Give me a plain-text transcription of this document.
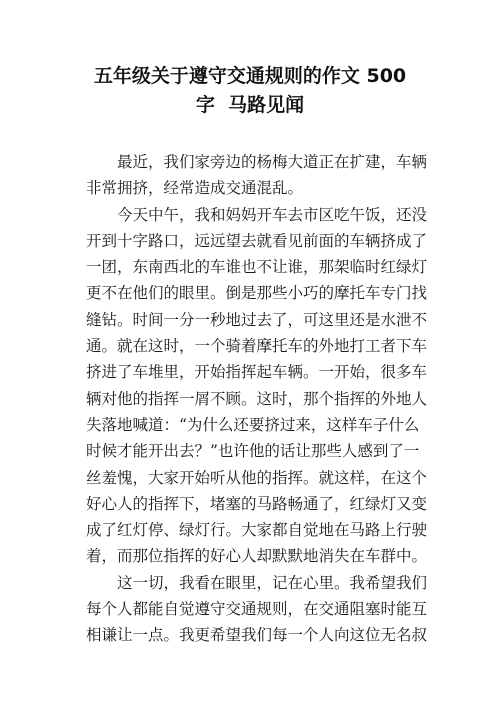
五年级关于遵守交通规则的作文 500
字  马路见闻

最近，我们家旁边的杨梅大道正在扩建，车辆
非常拥挤，经常造成交通混乱。

今天中午，我和妈妈开车去市区吃午饭，还没
开到十字路口，远远望去就看见前面的车辆挤成了
一团，东南西北的车谁也不让谁，那架临时红绿灯
更不在他们的眼里。倒是那些小巧的摩托车专门找
缝钻。时间一分一秒地过去了，可这里还是水泄不
通。就在这时，一个骑着摩托车的外地打工者下车
挤进了车堆里，开始指挥起车辆。一开始，很多车
辆对他的指挥一屑不顾。这时，那个指挥的外地人
失落地喊道：“为什么还要挤过来，这样车子什么
时候才能开出去？”也许他的话让那些人感到了一
丝羞愧，大家开始听从他的指挥。就这样，在这个
好心人的指挥下，堵塞的马路畅通了，红绿灯又变
成了红灯停、绿灯行。大家都自觉地在马路上行驶
着，而那位指挥的好心人却默默地消失在车群中。

这一切，我看在眼里，记在心里。我希望我们
每个人都能自觉遵守交通规则，在交通阻塞时能互
相谦让一点。我更希望我们每一个人向这位无名叔
